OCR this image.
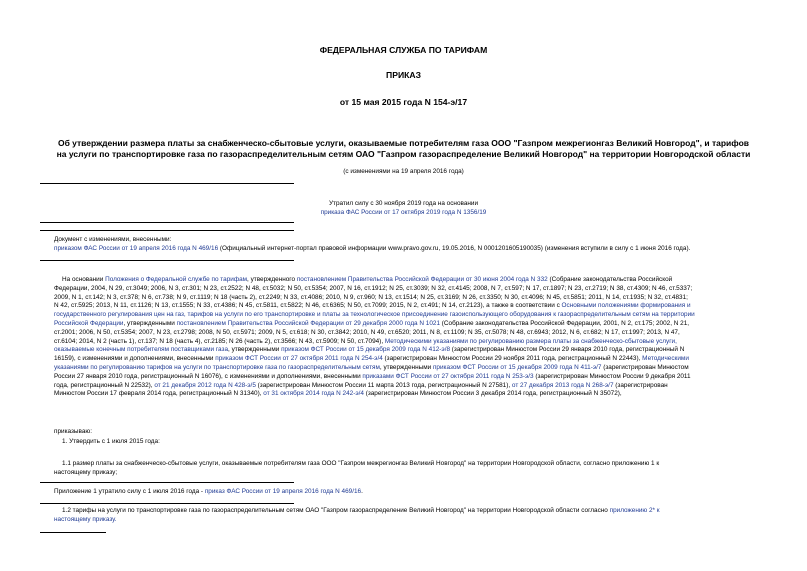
ФЕДЕРАЛЬНАЯ СЛУЖБА ПО ТАРИФАМ
ПРИКАЗ
от 15 мая 2015 года N 154-э/17
Об утверждении размера платы за снабженческо-сбытовые услуги, оказываемые потребителям газа ООО "Газпром межрегионгаз Великий Новгород", и тарифов
на услуги по транспортировке газа по газораспределительным сетям ОАО "Газпром газораспределение Великий Новгород" на территории Новгородской области
(с изменениями на 19 апреля 2016 года)
Утратил силу с 30 ноября 2019 года на основании
приказа ФАС России от 17 октября 2019 года N 1356/19
Документ с изменениями, внесенными:
приказом ФАС России от 19 апреля 2016 года N 469/16 (Официальный интернет-портал правовой информации www.pravo.gov.ru, 19.05.2016, N 0001201605190035) (изменения вступили в силу с 1 июня 2016 года).
На основании Положения о Федеральной службе по тарифам, утвержденного постановлением Правительства Российской Федерации от 30 июня 2004 года N 332 (Собрание законодательства Российской
Федерации, 2004, N 29, ст.3049; 2006, N 3, ст.301; N 23, ст.2522; N 48, ст.5032; N 50, ст.5354; 2007, N 16, ст.1912; N 25, ст.3039; N 32, ст.4145; 2008, N 7, ст.597; N 17, ст.1897; N 23, ст.2719; N 38, ст.4309; N 46, ст.5337;
2009, N 1, ст.142; N 3, ст.378; N 6, ст.738; N 9, ст.1119; N 18 (часть 2), ст.2249; N 33, ст.4086; 2010, N 9, ст.960; N 13, ст.1514; N 25, ст.3169; N 26, ст.3350; N 30, ст.4096; N 45, ст.5851; 2011, N 14, ст.1935; N 32, ст.4831;
N 42, ст.5925; 2013, N 11, ст.1126; N 13, ст.1555; N 33, ст.4386; N 45, ст.5811, ст.5822; N 46, ст.6365; N 50, ст.7099; 2015, N 2, ст.491; N 14, ст.2123), а также в соответствии с Основными положениями формирования и
государственного регулирования цен на газ, тарифов на услуги по его транспортировке и платы за технологическое присоединение газоиспользующего оборудования к газораспределительным сетям на территории
Российской Федерации, утвержденными постановлением Правительства Российской Федерации от 29 декабря 2000 года N 1021 (Собрание законодательства Российской Федерации, 2001, N 2, ст.175; 2002, N 21,
ст.2001; 2006, N 50, ст.5354; 2007, N 23, ст.2798; 2008, N 50, ст.5971; 2009, N 5, ст.618; N 30, ст.3842; 2010, N 49, ст.6520; 2011, N 8, ст.1109; N 35, ст.5078; N 48, ст.6943; 2012, N 6, ст.682; N 17, ст.1997; 2013, N 47,
ст.6104; 2014, N 2 (часть 1), ст.137; N 18 (часть 4), ст.2185; N 26 (часть 2), ст.3566; N 43, ст.5909; N 50, ст.7094), Методическими указаниями по регулированию размера платы за снабженческо-сбытовые услуги,
оказываемые конечным потребителям поставщиками газа, утвержденными приказом ФСТ России от 15 декабря 2009 года N 412-э/8 (зарегистрирован Минюстом России 29 января 2010 года, регистрационный N
16159), с изменениями и дополнениями, внесенными приказом ФСТ России от 27 октября 2011 года N 254-э/4 (зарегистрирован Минюстом России 29 ноября 2011 года, регистрационный N 22443), Методическими
указаниями по регулированию тарифов на услуги по транспортировке газа по газораспределительным сетям, утвержденными приказом ФСТ России от 15 декабря 2009 года N 411-э/7 (зарегистрирован Минюстом
России 27 января 2010 года, регистрационный N 16076), с изменениями и дополнениями, внесенными приказами ФСТ России от 27 октября 2011 года N 253-э/3 (зарегистрирован Минюстом России 9 декабря 2011
года, регистрационный N 22532), от 21 декабря 2012 года N 428-э/5 (зарегистрирован Минюстом России 11 марта 2013 года, регистрационный N 27581), от 27 декабря 2013 года N 268-э/7 (зарегистрирован
Минюстом России 17 февраля 2014 года, регистрационный N 31340), от 31 октября 2014 года N 242-э/4 (зарегистрирован Минюстом России 3 декабря 2014 года, регистрационный N 35072),
приказываю:
1. Утвердить с 1 июля 2015 года:
1.1 размер платы за снабженческо-сбытовые услуги, оказываемые потребителям газа ООО "Газпром межрегионгаз Великий Новгород" на территории Новгородской области, согласно приложению 1 к
настоящему приказу;
Приложение 1 утратило силу с 1 июля 2016 года - приказ ФАС России от 19 апреля 2016 года N 469/16.
1.2 тарифы на услуги по транспортировке газа по газораспределительным сетям ОАО "Газпром газораспределение Великий Новгород" на территории Новгородской области согласно приложению 2* к
настоящему приказу.
